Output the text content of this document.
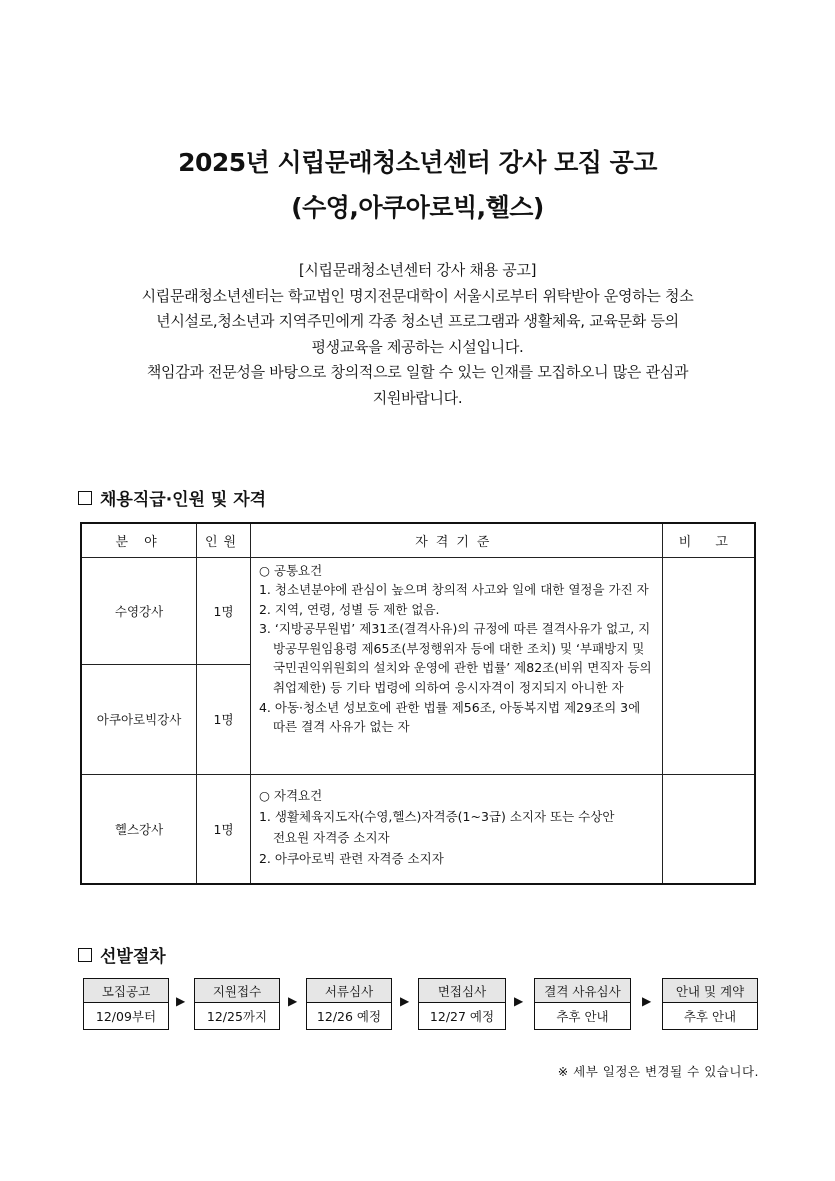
2025년 시립문래청소년센터 강사 모집 공고
(수영,아쿠아로빅,헬스)
[시립문래청소년센터 강사 채용 공고]
시립문래청소년센터는 학교법인 명지전문대학이 서울시로부터 위탁받아 운영하는 청소
년시설로,청소년과 지역주민에게 각종 청소년 프로그램과 생활체육, 교육문화 등의
평생교육을 제공하는 시설입니다.
책임감과 전문성을 바탕으로 창의적으로 일할 수 있는 인재를 모집하오니 많은 관심과
지원바랍니다.
채용직급·인원 및 자격
분 야	인원	자격기준	비 고
수영강사	1명	○ 공통요건
1. 청소년분야에 관심이 높으며 창의적 사고와 일에 대한 열정을 가진 자
2. 지역, 연령, 성별 등 제한 없음.
3. ‘지방공무원법’ 제31조(결격사유)의 규정에 따른 결격사유가 없고, 지방공무원임용령 제65조(부정행위자 등에 대한 조치) 및 ‘부패방지 및 국민권익위원회의 설치와 운영에 관한 법률’ 제82조(비위 면직자 등의 취업제한) 등 기타 법령에 의하여 응시자격이 정지되지 아니한 자
4. 아동·청소년 성보호에 관한 법률 제56조, 아동복지법 제29조의 3에 따른 결격 사유가 없는 자	

아쿠아로빅강사	1명		
헬스강사	1명	○ 자격요건
1. 생활체육지도자(수영,헬스)자격증(1~3급) 소지자 또는 수상안전요원 자격증 소지자
2. 아쿠아로빅 관련 자격증 소지자	

선발절차
모집공고
12/09부터
▶
지원접수
12/25까지
▶
서류심사
12/26 예정
▶
면접심사
12/27 예정
▶
결격 사유심사
추후 안내
▶
안내 및 계약
추후 안내
※ 세부 일정은 변경될 수 있습니다.
